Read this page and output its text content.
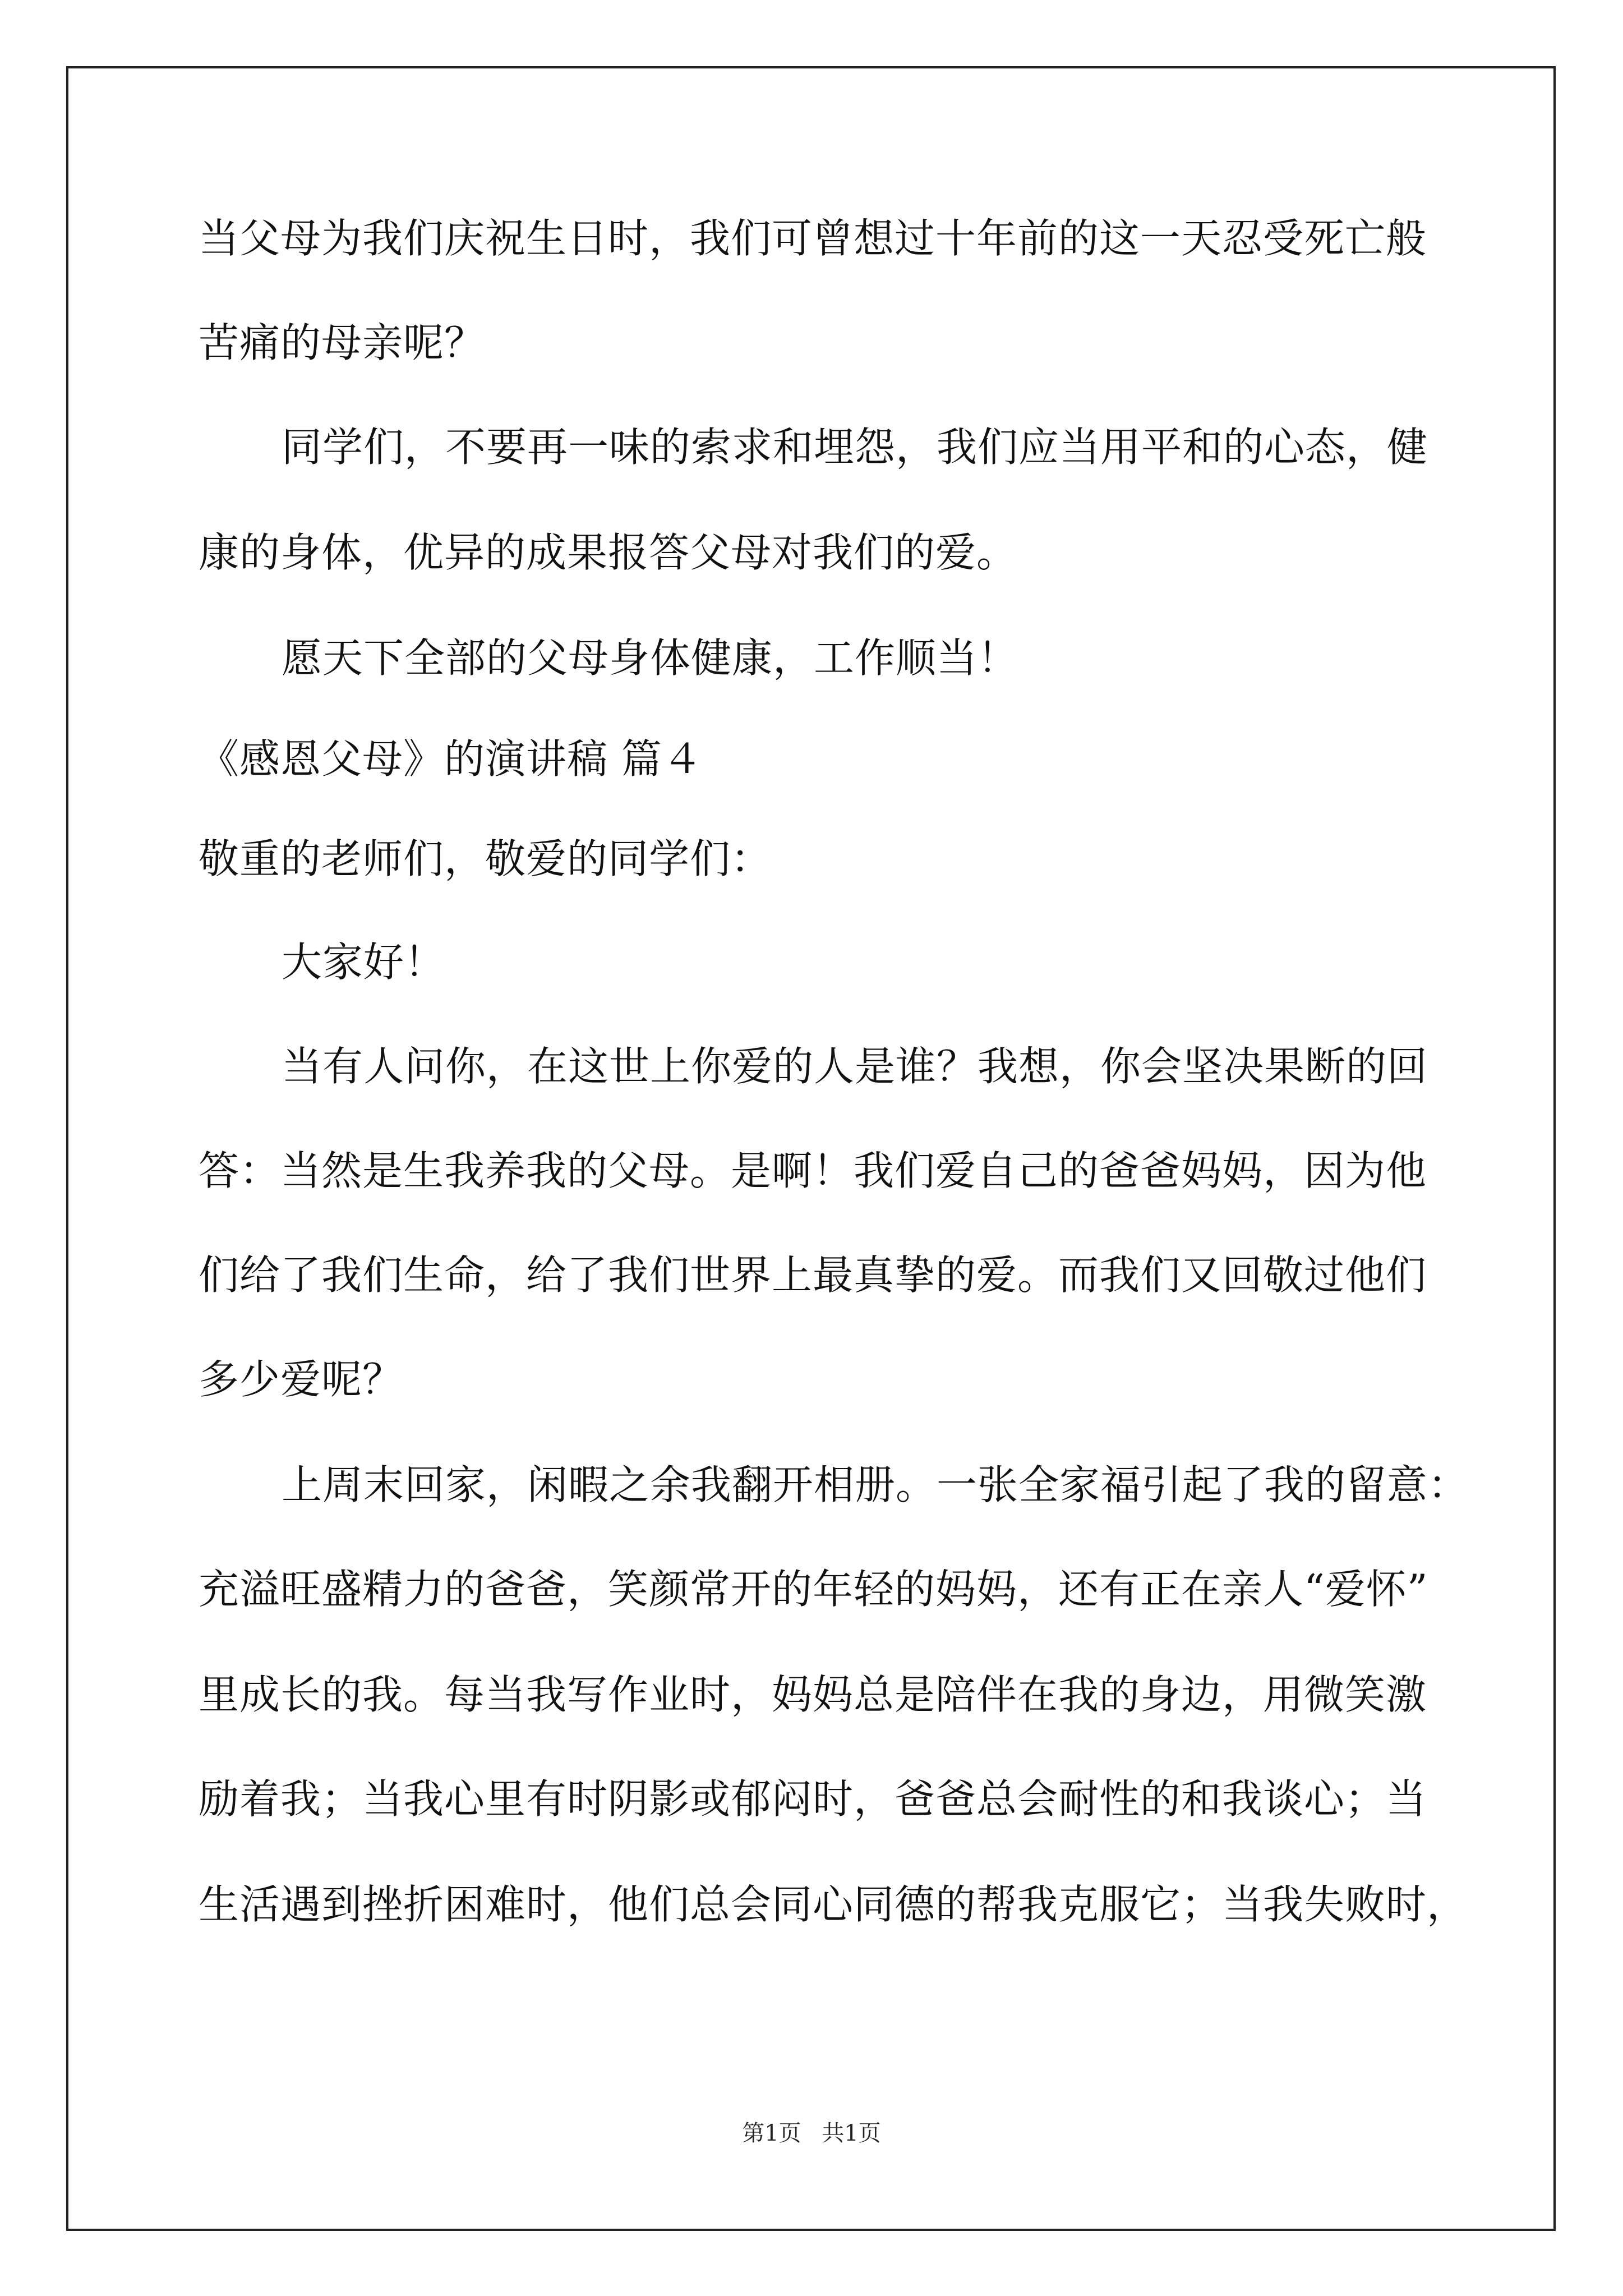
当父母为我们庆祝生日时，我们可曾想过十年前的这一天忍受死亡般
苦痛的母亲呢？
同学们，不要再一味的索求和埋怨，我们应当用平和的心态，健
康的身体，优异的成果报答父母对我们的爱。
愿天下全部的父母身体健康，工作顺当！
《感恩父母》的演讲稿 篇４
敬重的老师们，敬爱的同学们：
大家好！
当有人问你，在这世上你爱的人是谁？我想，你会坚决果断的回
答：当然是生我养我的父母。是啊！我们爱自己的爸爸妈妈，因为他
们给了我们生命，给了我们世界上最真挚的爱。而我们又回敬过他们
多少爱呢？
上周末回家，闲暇之余我翻开相册。一张全家福引起了我的留意：
充溢旺盛精力的爸爸，笑颜常开的年轻的妈妈，还有正在亲人“爱怀”
里成长的我。每当我写作业时，妈妈总是陪伴在我的身边，用微笑激
励着我；当我心里有时阴影或郁闷时，爸爸总会耐性的和我谈心；当
生活遇到挫折困难时，他们总会同心同德的帮我克服它；当我失败时，
第1页 共1页
